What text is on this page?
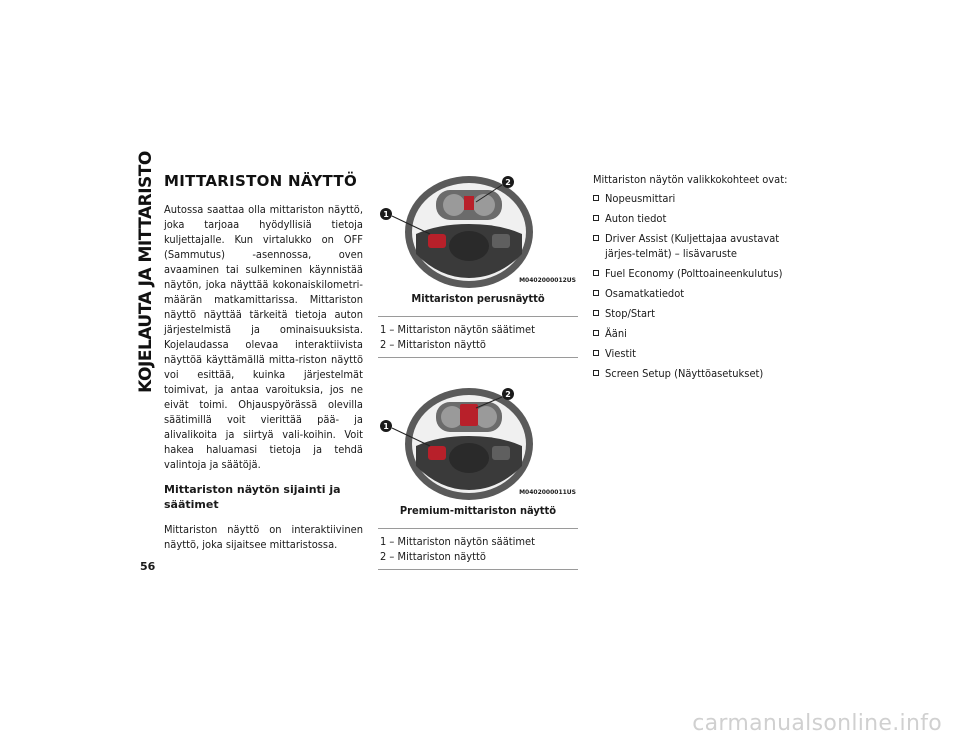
KOJELAUTA JA MITTARISTO MITTARISTON NÄYTTÖ

Autossa saattaa olla mittariston näyttö, joka tarjoaa hyödyllisiä tietoja kuljettajalle. Kun virtalukko on OFF (Sammutus) -asennossa, oven avaaminen tai sulkeminen käynnistää näytön, joka näyttää kokonaiskilometri-määrän matkamittarissa. Mittariston näyttö näyttää tärkeitä tietoja auton järjestelmistä ja ominaisuuksista. Kojelaudassa olevaa interaktiivista näyttöä käyttämällä mitta-riston näyttö voi esittää, kuinka järjestelmät toimivat, ja antaa varoituksia, jos ne eivät toimi. Ohjauspyörässä olevilla säätimillä voit vierittää pää- ja alivalikoita ja siirtyä vali-koihin. Voit hakea haluamasi tietoja ja tehdä valintoja ja säätöjä.

Mittariston näytön sijainti ja säätimet

Mittariston näyttö on interaktiivinen näyttö, joka sijaitsee mittaristossa.

1
2
M0402000012US
Mittariston perusnäyttö
1 – Mittariston näytön säätimet
2 – Mittariston näyttö
1
2
M0402000011US
Premium-mittariston näyttö
1 – Mittariston näytön säätimet
2 – Mittariston näyttö

Mittariston näytön valikkokohteet ovat:

Nopeusmittari
Auton tiedot
Driver Assist (Kuljettajaa avustavat järjes-telmät) – lisävaruste
Fuel Economy (Polttoaineenkulutus)
Osamatkatiedot
Stop/Start
Ääni
Viestit
Screen Setup (Näyttöasetukset)
56
carmanualsonline.info
